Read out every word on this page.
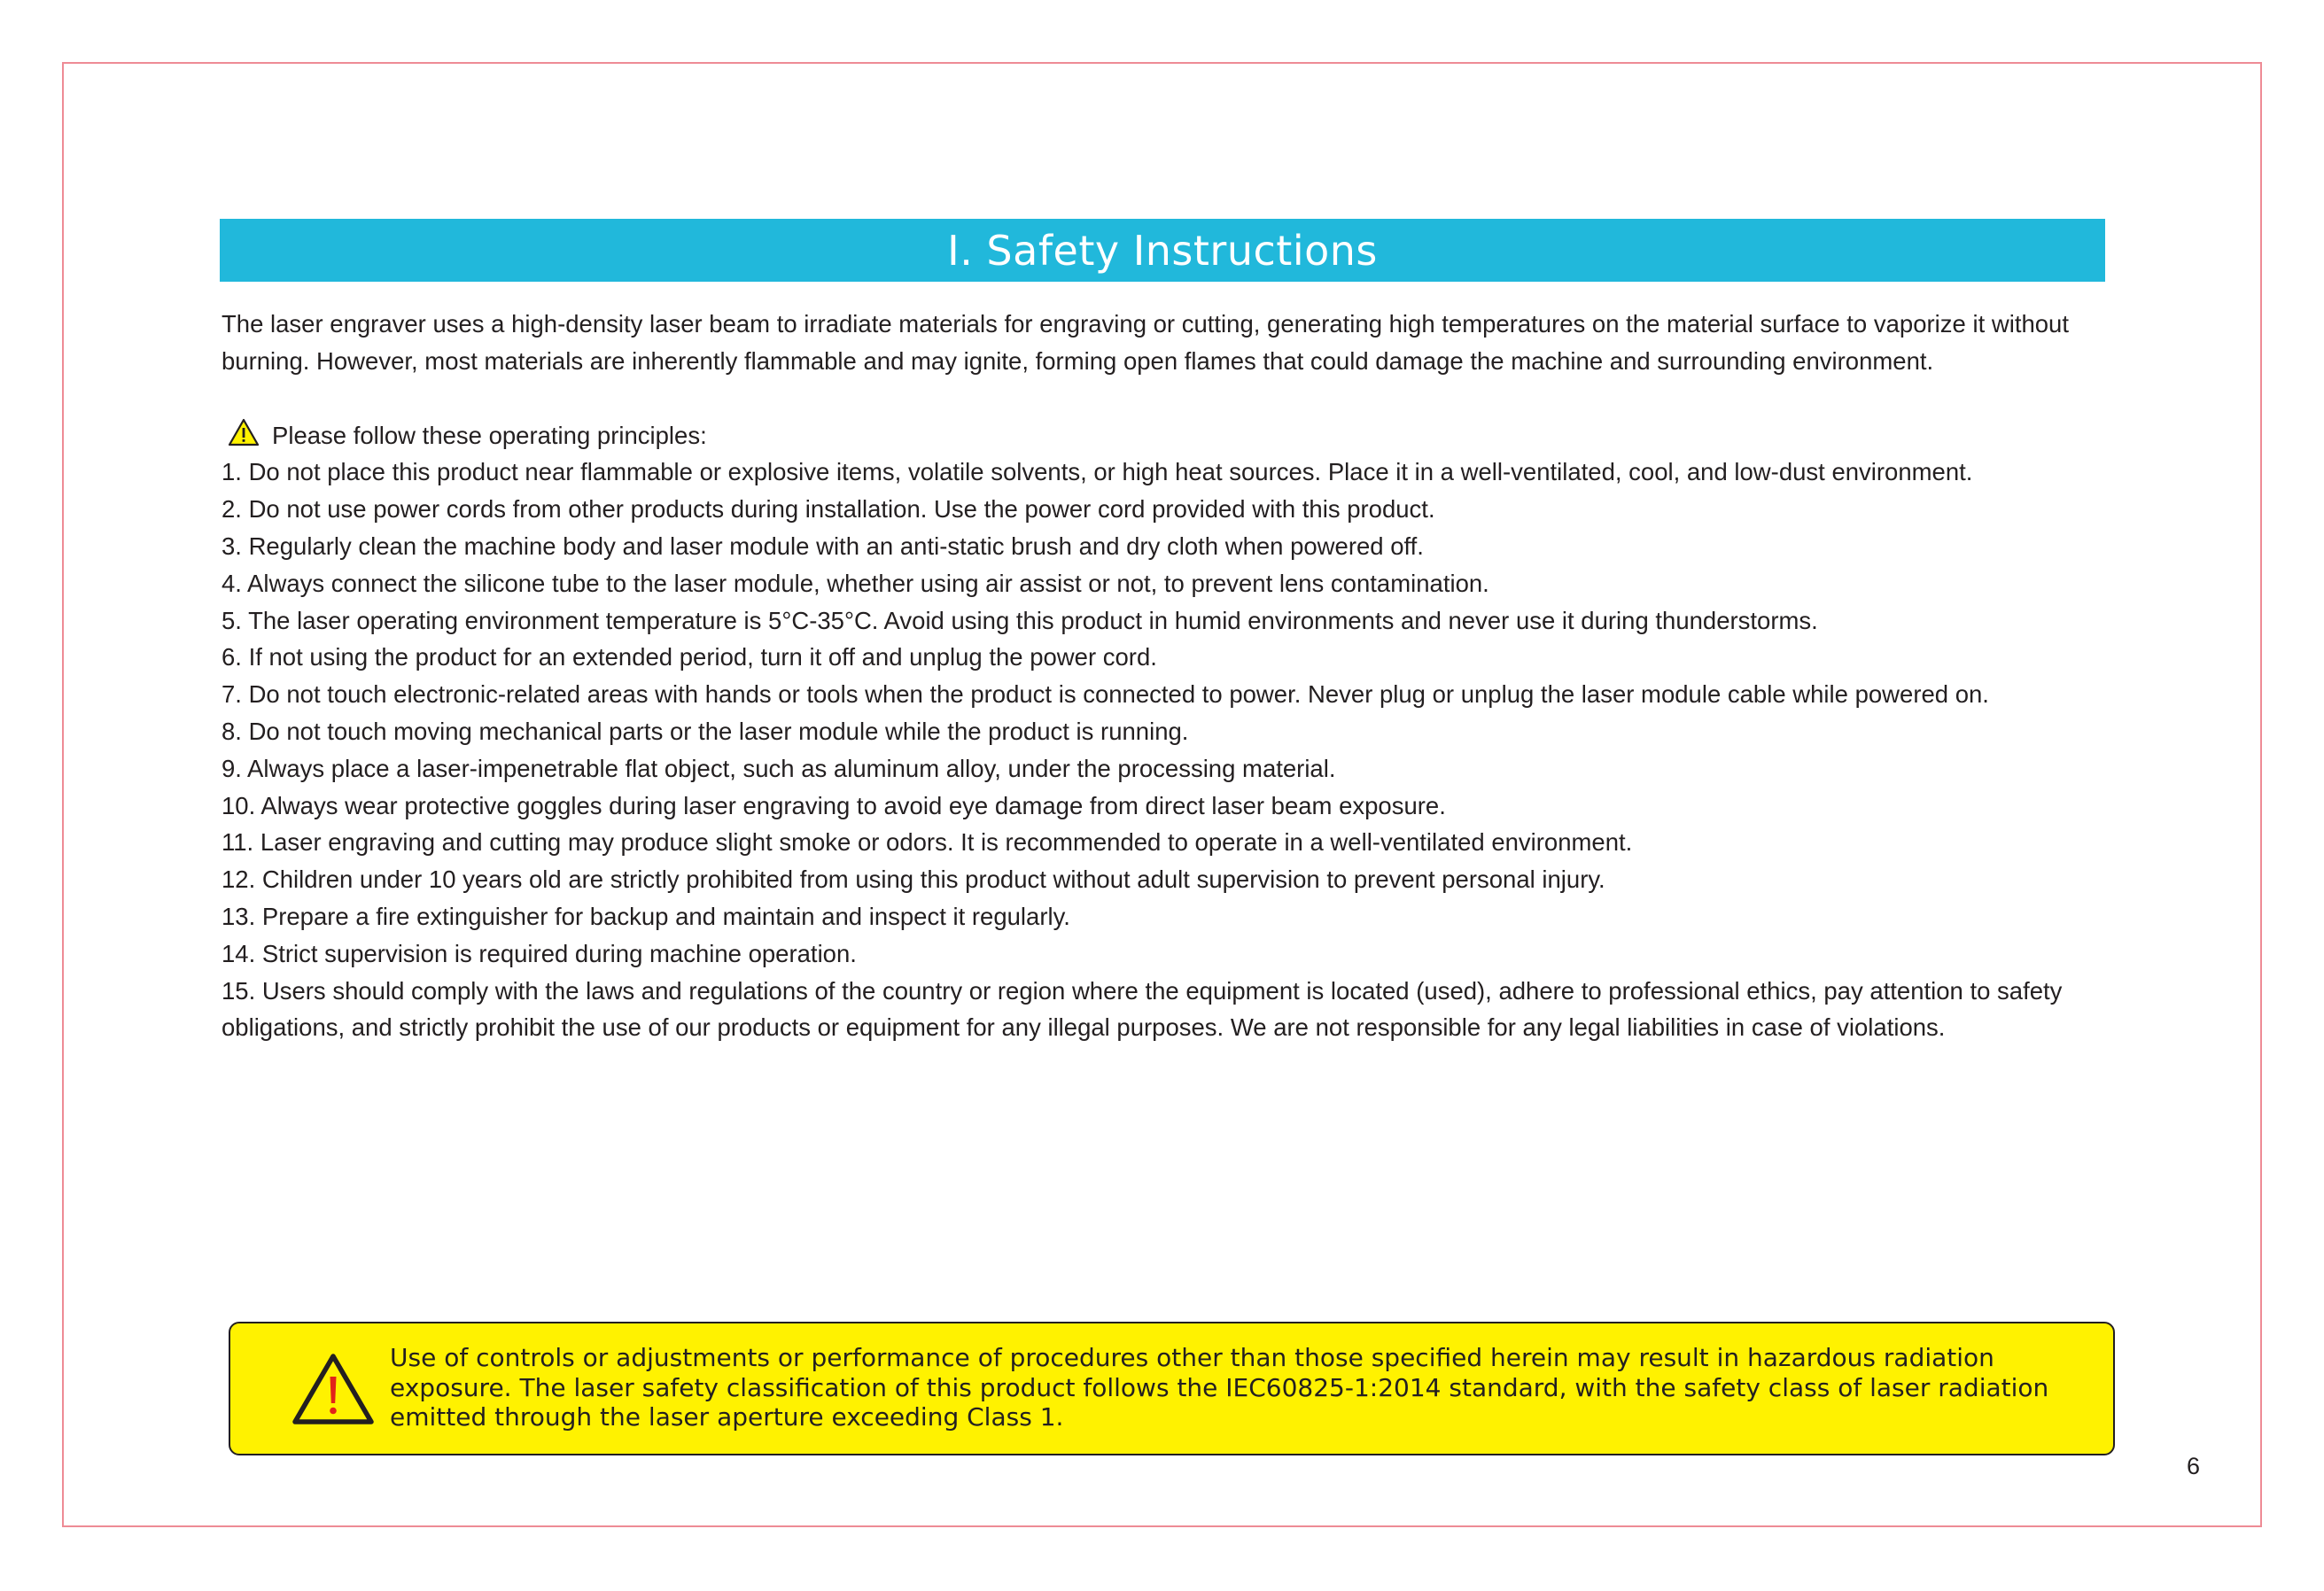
I. Safety Instructions

The laser engraver uses a high-density laser beam to irradiate materials for engraving or cutting, generating high temperatures on the material surface to vaporize it without burning. However, most materials are inherently flammable and may ignite, forming open flames that could damage the machine and surrounding environment.

Please follow these operating principles:
1. Do not place this product near flammable or explosive items, volatile solvents, or high heat sources. Place it in a well-ventilated, cool, and low-dust environment.
2. Do not use power cords from other products during installation. Use the power cord provided with this product.
3. Regularly clean the machine body and laser module with an anti-static brush and dry cloth when powered off.
4. Always connect the silicone tube to the laser module, whether using air assist or not, to prevent lens contamination.
5. The laser operating environment temperature is 5°C-35°C. Avoid using this product in humid environments and never use it during thunderstorms.
6. If not using the product for an extended period, turn it off and unplug the power cord.
7. Do not touch electronic-related areas with hands or tools when the product is connected to power. Never plug or unplug the laser module cable while powered on.
8. Do not touch moving mechanical parts or the laser module while the product is running.
9. Always place a laser-impenetrable flat object, such as aluminum alloy, under the processing material.
10. Always wear protective goggles during laser engraving to avoid eye damage from direct laser beam exposure.
11. Laser engraving and cutting may produce slight smoke or odors. It is recommended to operate in a well-ventilated environment.
12. Children under 10 years old are strictly prohibited from using this product without adult supervision to prevent personal injury.
13. Prepare a fire extinguisher for backup and maintain and inspect it regularly.
14. Strict supervision is required during machine operation.
15. Users should comply with the laws and regulations of the country or region where the equipment is located (used), adhere to professional ethics, pay attention to safety obligations, and strictly prohibit the use of our products or equipment for any illegal purposes. We are not responsible for any legal liabilities in case of violations.
Use of controls or adjustments or performance of procedures other than those specified herein may result in hazardous radiation exposure. The laser safety classification of this product follows the IEC60825-1:2014 standard, with the safety class of laser radiation emitted through the laser aperture exceeding Class 1.
6
